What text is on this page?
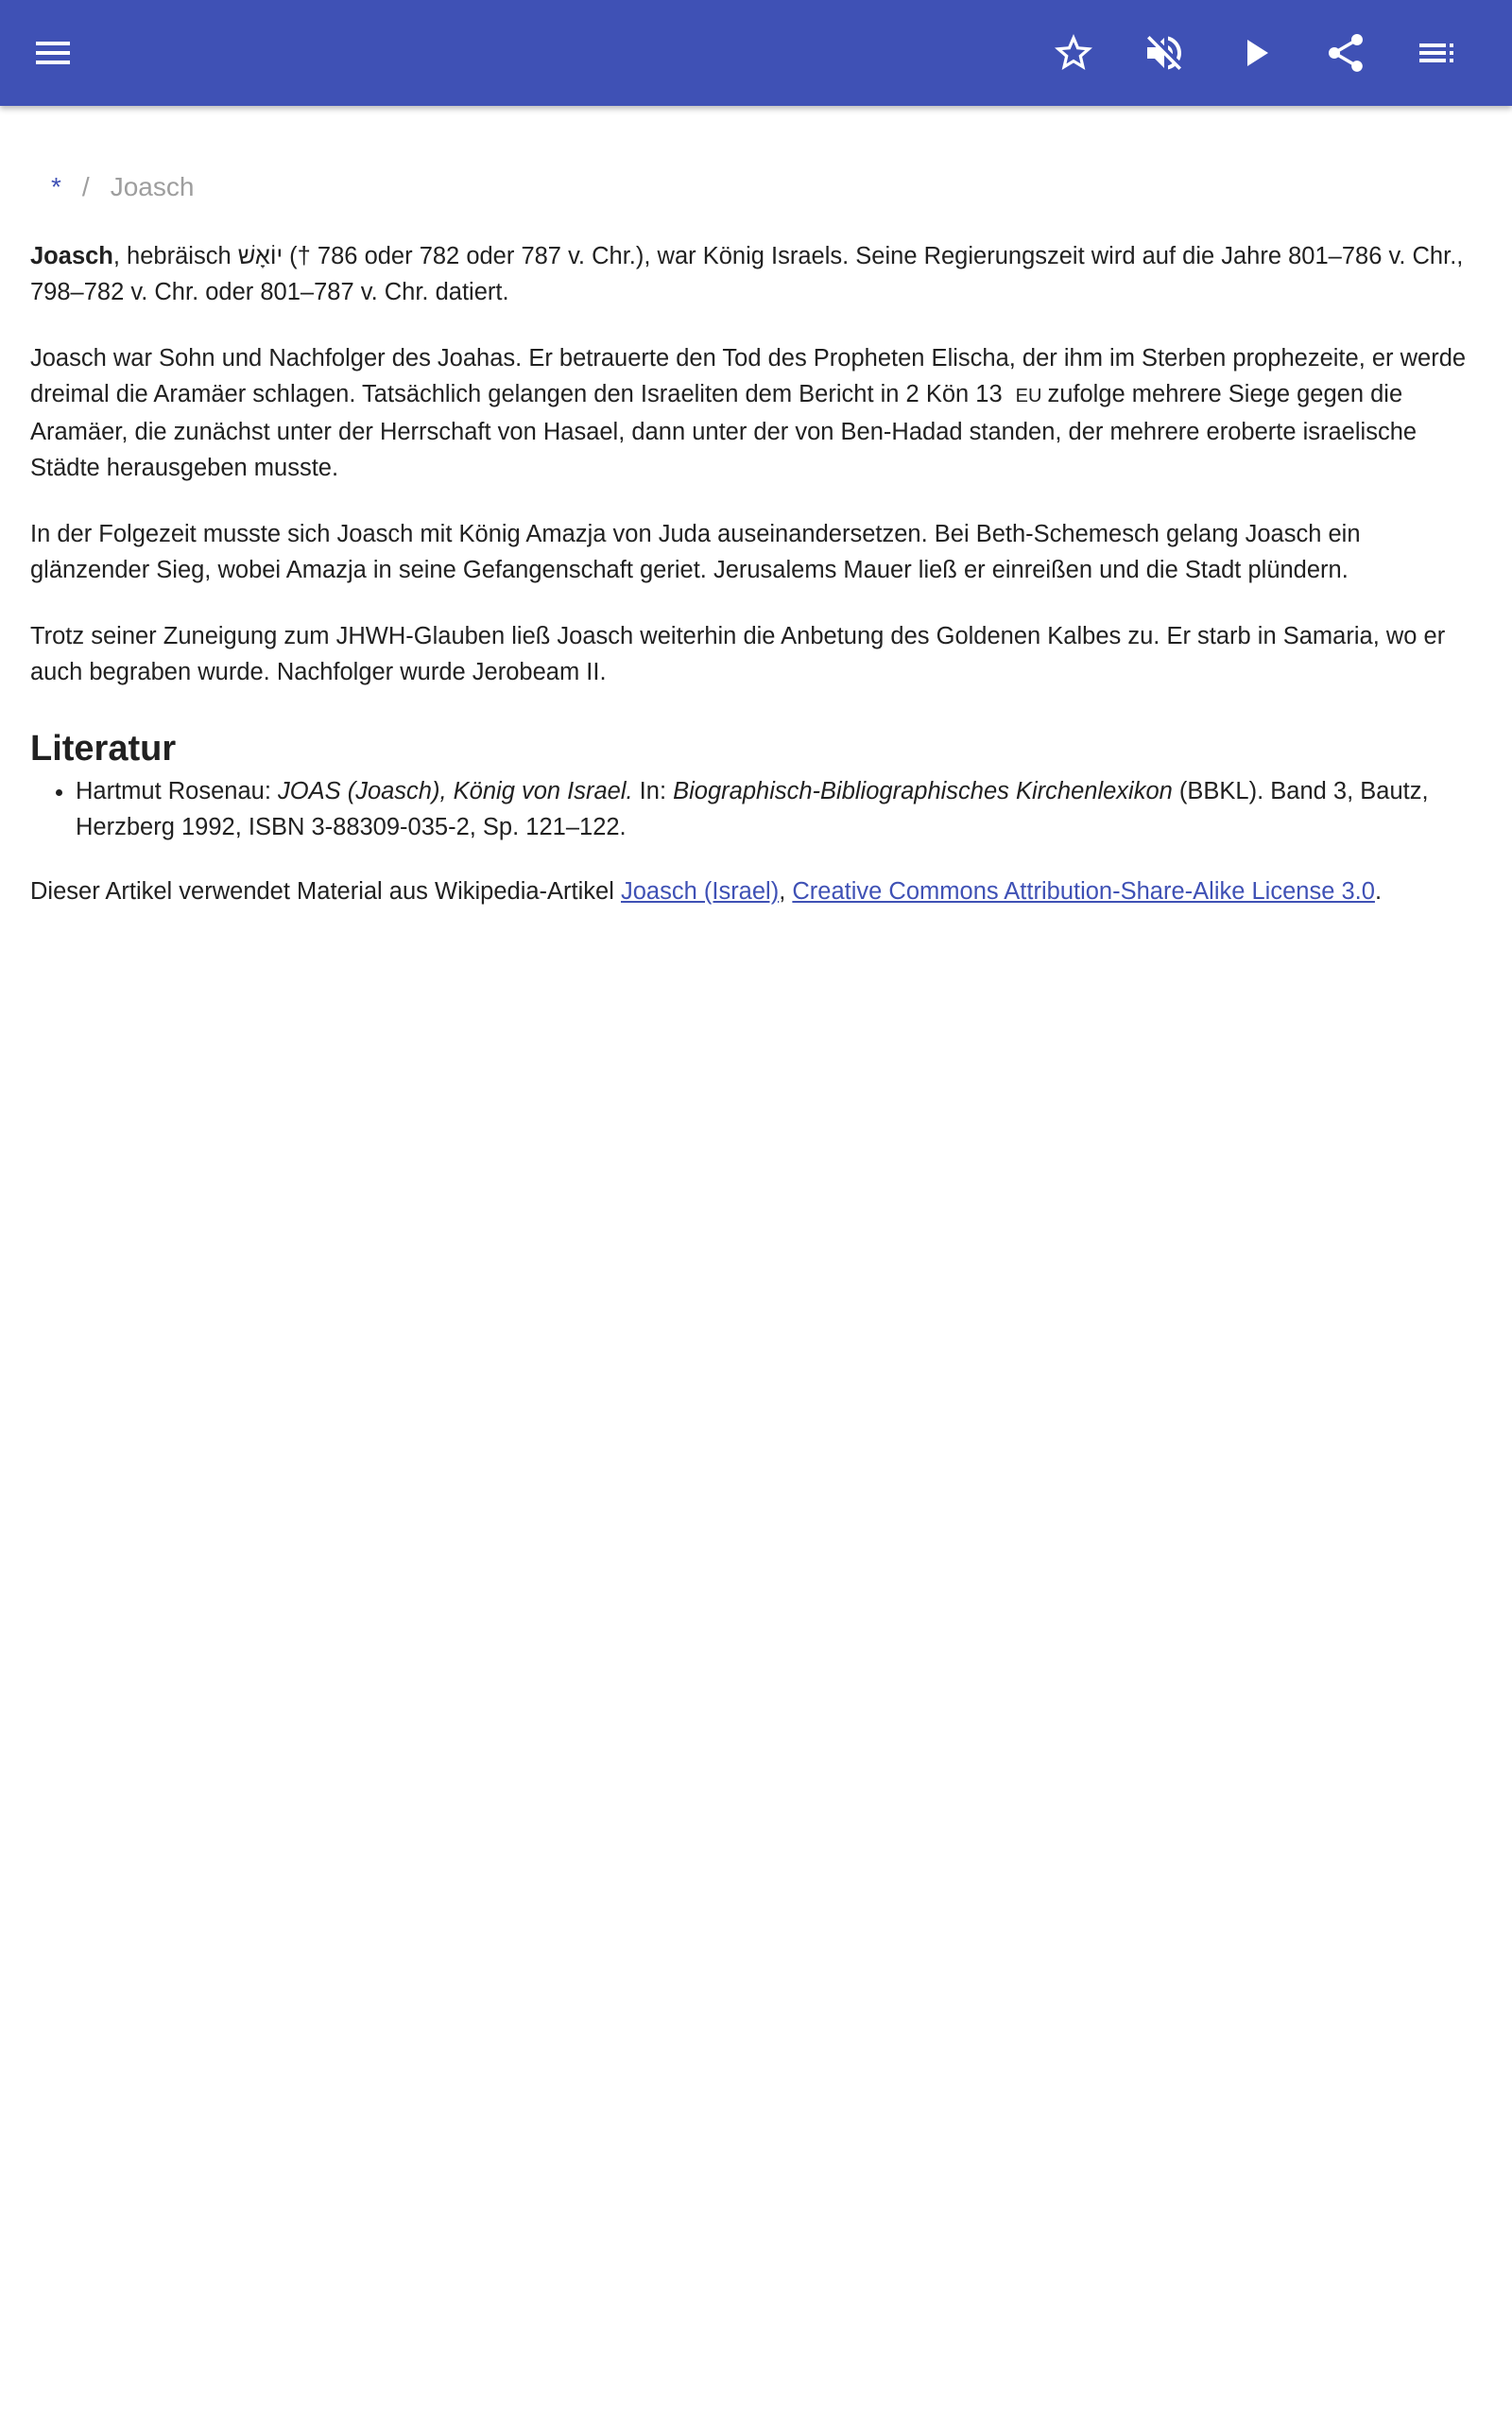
* / Joasch

Joasch, hebräisch יוֹאָשׁ († 786 oder 782 oder 787 v. Chr.), war König Israels. Seine Regierungszeit wird auf die Jahre 801–786 v. Chr., 798–782 v. Chr. oder 801–787 v. Chr. datiert.

Joasch war Sohn und Nachfolger des Joahas. Er betrauerte den Tod des Propheten Elischa, der ihm im Sterben prophezeite, er werde dreimal die Aramäer schlagen. Tatsächlich gelangen den Israeliten dem Bericht in 2 Kön 13 EU zufolge mehrere Siege gegen die Aramäer, die zunächst unter der Herrschaft von Hasael, dann unter der von Ben-Hadad standen, der mehrere eroberte israelische Städte herausgeben musste.

In der Folgezeit musste sich Joasch mit König Amazja von Juda auseinandersetzen. Bei Beth-Schemesch gelang Joasch ein glänzender Sieg, wobei Amazja in seine Gefangenschaft geriet. Jerusalems Mauer ließ er einreißen und die Stadt plündern.

Trotz seiner Zuneigung zum JHWH-Glauben ließ Joasch weiterhin die Anbetung des Goldenen Kalbes zu. Er starb in Samaria, wo er auch begraben wurde. Nachfolger wurde Jerobeam II.

Literatur
• Hartmut Rosenau: JOAS (Joasch), König von Israel. In: Biographisch-Bibliographisches Kirchenlexikon (BBKL). Band 3, Bautz, Herzberg 1992, ISBN 3-88309-035-2, Sp. 121–122.

Dieser Artikel verwendet Material aus Wikipedia-Artikel Joasch (Israel), Creative Commons Attribution-Share-Alike License 3.0.
